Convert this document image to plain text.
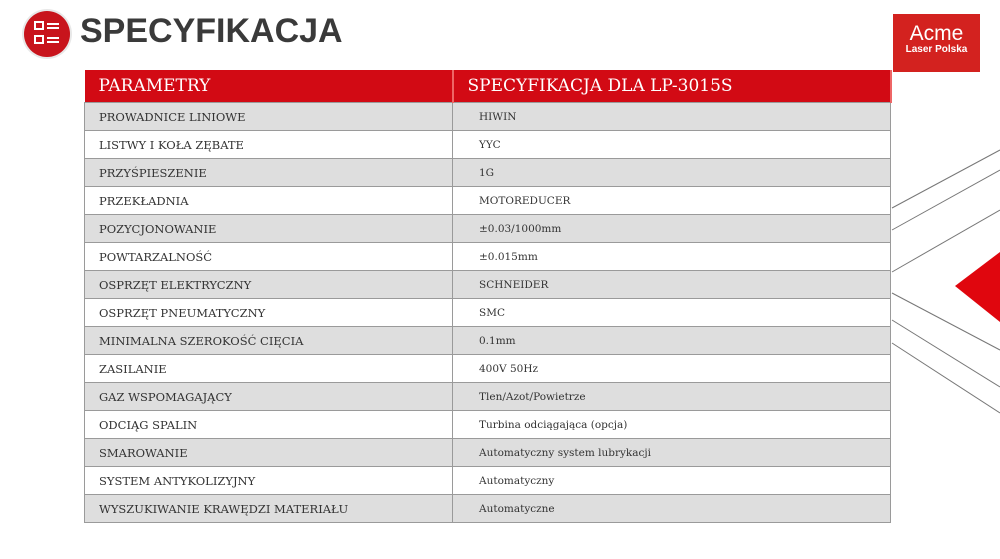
SPECYFIKACJA	Acme
Laser Polska
PARAMETRY	SPECYFIKACJA DLA LP-3015S
PROWADNICE LINIOWE	HIWIN
LISTWY I KOŁA ZĘBATE	YYC
PRZYŚPIESZENIE	1G
PRZEKŁADNIA	MOTOREDUCER
POZYCJONOWANIE	±0.03/1000mm
POWTARZALNOŚĆ	±0.015mm
OSPRZĘT ELEKTRYCZNY	SCHNEIDER
OSPRZĘT PNEUMATYCZNY	SMC
MINIMALNA SZEROKOŚĆ CIĘCIA	0.1mm
ZASILANIE	400V 50Hz
GAZ WSPOMAGAJĄCY	Tlen/Azot/Powietrze
ODCIĄG SPALIN	Turbina odciągająca (opcja)
SMAROWANIE	Automatyczny system lubrykacji
SYSTEM ANTYKOLIZYJNY	Automatyczny
WYSZUKIWANIE KRAWĘDZI MATERIAŁU	Automatyczne
